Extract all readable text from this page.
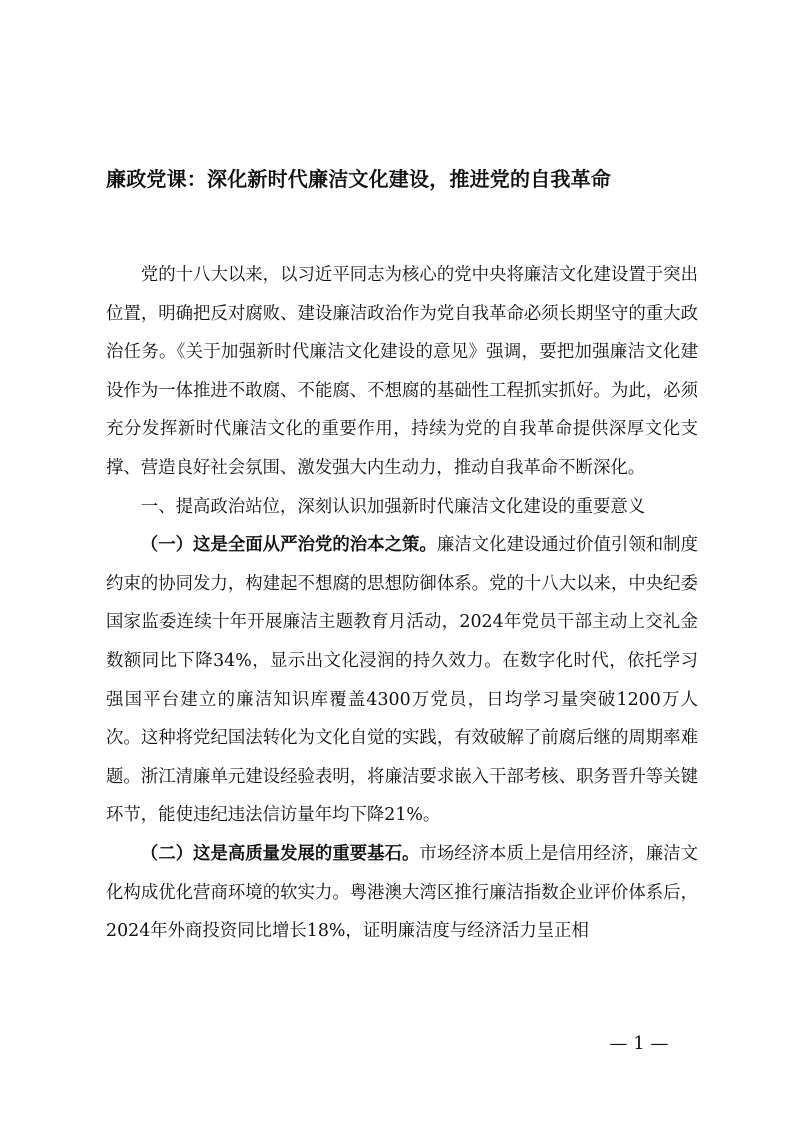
廉政党课：深化新时代廉洁文化建设，推进党的自我革命

党的十八大以来，以习近平同志为核心的党中央将廉洁文化建设置于突出位置，明确把反对腐败、建设廉洁政治作为党自我革命必须长期坚守的重大政治任务。《关于加强新时代廉洁文化建设的意见》强调，要把加强廉洁文化建设作为一体推进不敢腐、不能腐、不想腐的基础性工程抓实抓好。为此，必须充分发挥新时代廉洁文化的重要作用，持续为党的自我革命提供深厚文化支撑、营造良好社会氛围、激发强大内生动力，推动自我革命不断深化。

一、提高政治站位，深刻认识加强新时代廉洁文化建设的重要意义

（一）这是全面从严治党的治本之策。廉洁文化建设通过价值引领和制度约束的协同发力，构建起不想腐的思想防御体系。党的十八大以来，中央纪委国家监委连续十年开展廉洁主题教育月活动，2024年党员干部主动上交礼金数额同比下降34%，显示出文化浸润的持久效力。在数字化时代，依托学习强国平台建立的廉洁知识库覆盖4300万党员，日均学习量突破1200万人次。这种将党纪国法转化为文化自觉的实践，有效破解了前腐后继的周期率难题。浙江清廉单元建设经验表明，将廉洁要求嵌入干部考核、职务晋升等关键环节，能使违纪违法信访量年均下降21%。

（二）这是高质量发展的重要基石。市场经济本质上是信用经济，廉洁文化构成优化营商环境的软实力。粤港澳大湾区推行廉洁指数企业评价体系后，2024年外商投资同比增长18%，证明廉洁度与经济活力呈正相

— 1 —
